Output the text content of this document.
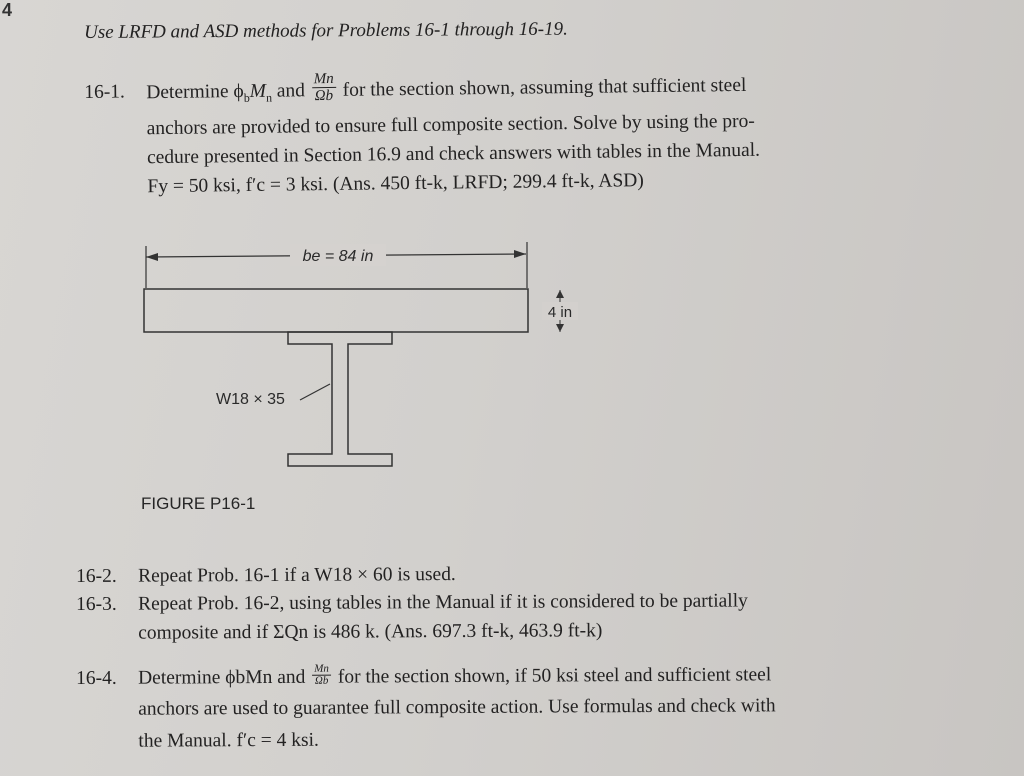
4
Use LRFD and ASD methods for Problems 16-1 through 16-19.
16-1. Determine $\phi_bM_n$ and $\frac{Mn}{\Omega b}$ for the section shown, assuming that sufficient steel
anchors are provided to ensure full composite section. Solve by using the pro-
cedure presented in Section 16.9 and check answers with tables in the Manual.
Fy = 50 ksi, f′c = 3 ksi. (Ans. 450 ft-k, LRFD; 299.4 ft-k, ASD)
be = 84 in
4 in
W18 × 35
FIGURE P16-1
16-2. Repeat Prob. 16-1 if a W18 × 60 is used.
16-3. Repeat Prob. 16-2, using tables in the Manual if it is considered to be partially
composite and if ΣQn is 486 k. (Ans. 697.3 ft-k, 463.9 ft-k)
16-4. Determine ϕbMn and $\frac{Mn}{\Omega b}$ for the section shown, if 50 ksi steel and sufficient steel
anchors are used to guarantee full composite action. Use formulas and check with
the Manual. f′c = 4 ksi.
